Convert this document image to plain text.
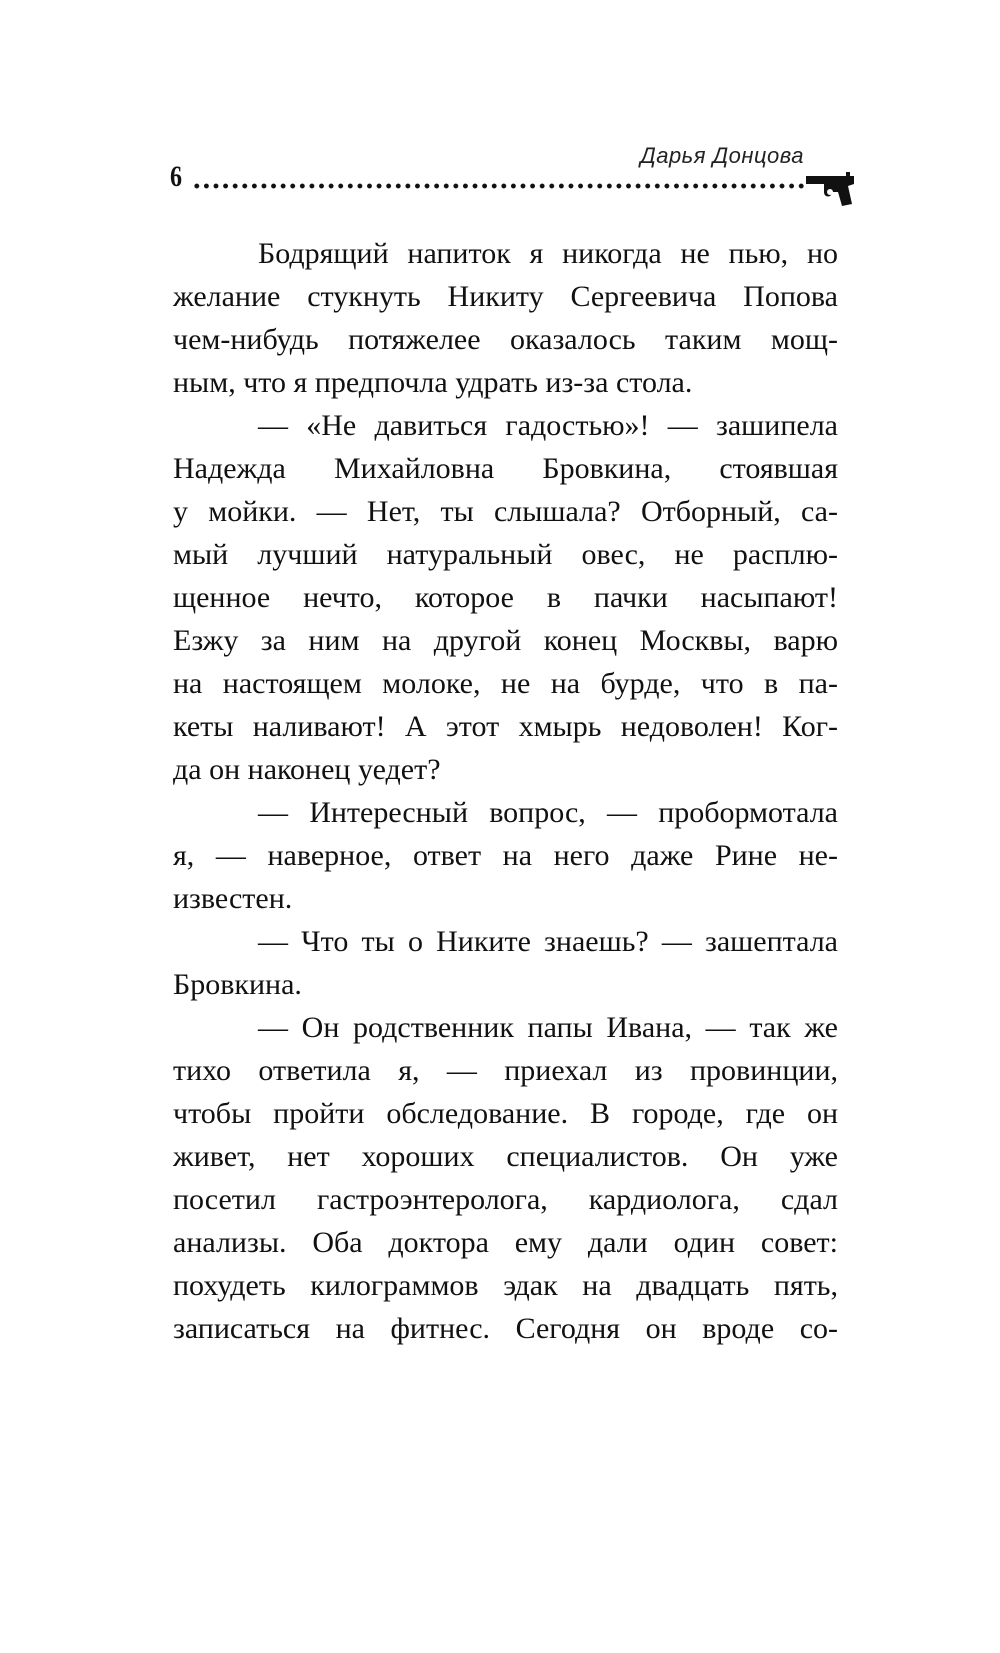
Дарья Донцова
6
Бодрящий напиток я никогда не пью, но
желание стукнуть Никиту Сергеевича Попова
чем-нибудь потяжелее оказалось таким мощ-
ным, что я предпочла удрать из-за стола.
— «Не давиться гадостью»! — зашипела
Надежда Михайловна Бровкина, стоявшая
у мойки. — Нет, ты слышала? Отборный, са-
мый лучший натуральный овес, не расплю-
щенное нечто, которое в пачки насыпают!
Езжу за ним на другой конец Москвы, варю
на настоящем молоке, не на бурде, что в па-
кеты наливают! А этот хмырь недоволен! Ког-
да он наконец уедет?
— Интересный вопрос, — пробормотала
я, — наверное, ответ на него даже Рине не-
известен.
— Что ты о Никите знаешь? — зашептала
Бровкина.
— Он родственник папы Ивана, — так же
тихо ответила я, — приехал из провинции,
чтобы пройти обследование. В городе, где он
живет, нет хороших специалистов. Он уже
посетил гастроэнтеролога, кардиолога, сдал
анализы. Оба доктора ему дали один совет:
похудеть килограммов эдак на двадцать пять,
записаться на фитнес. Сегодня он вроде со-
